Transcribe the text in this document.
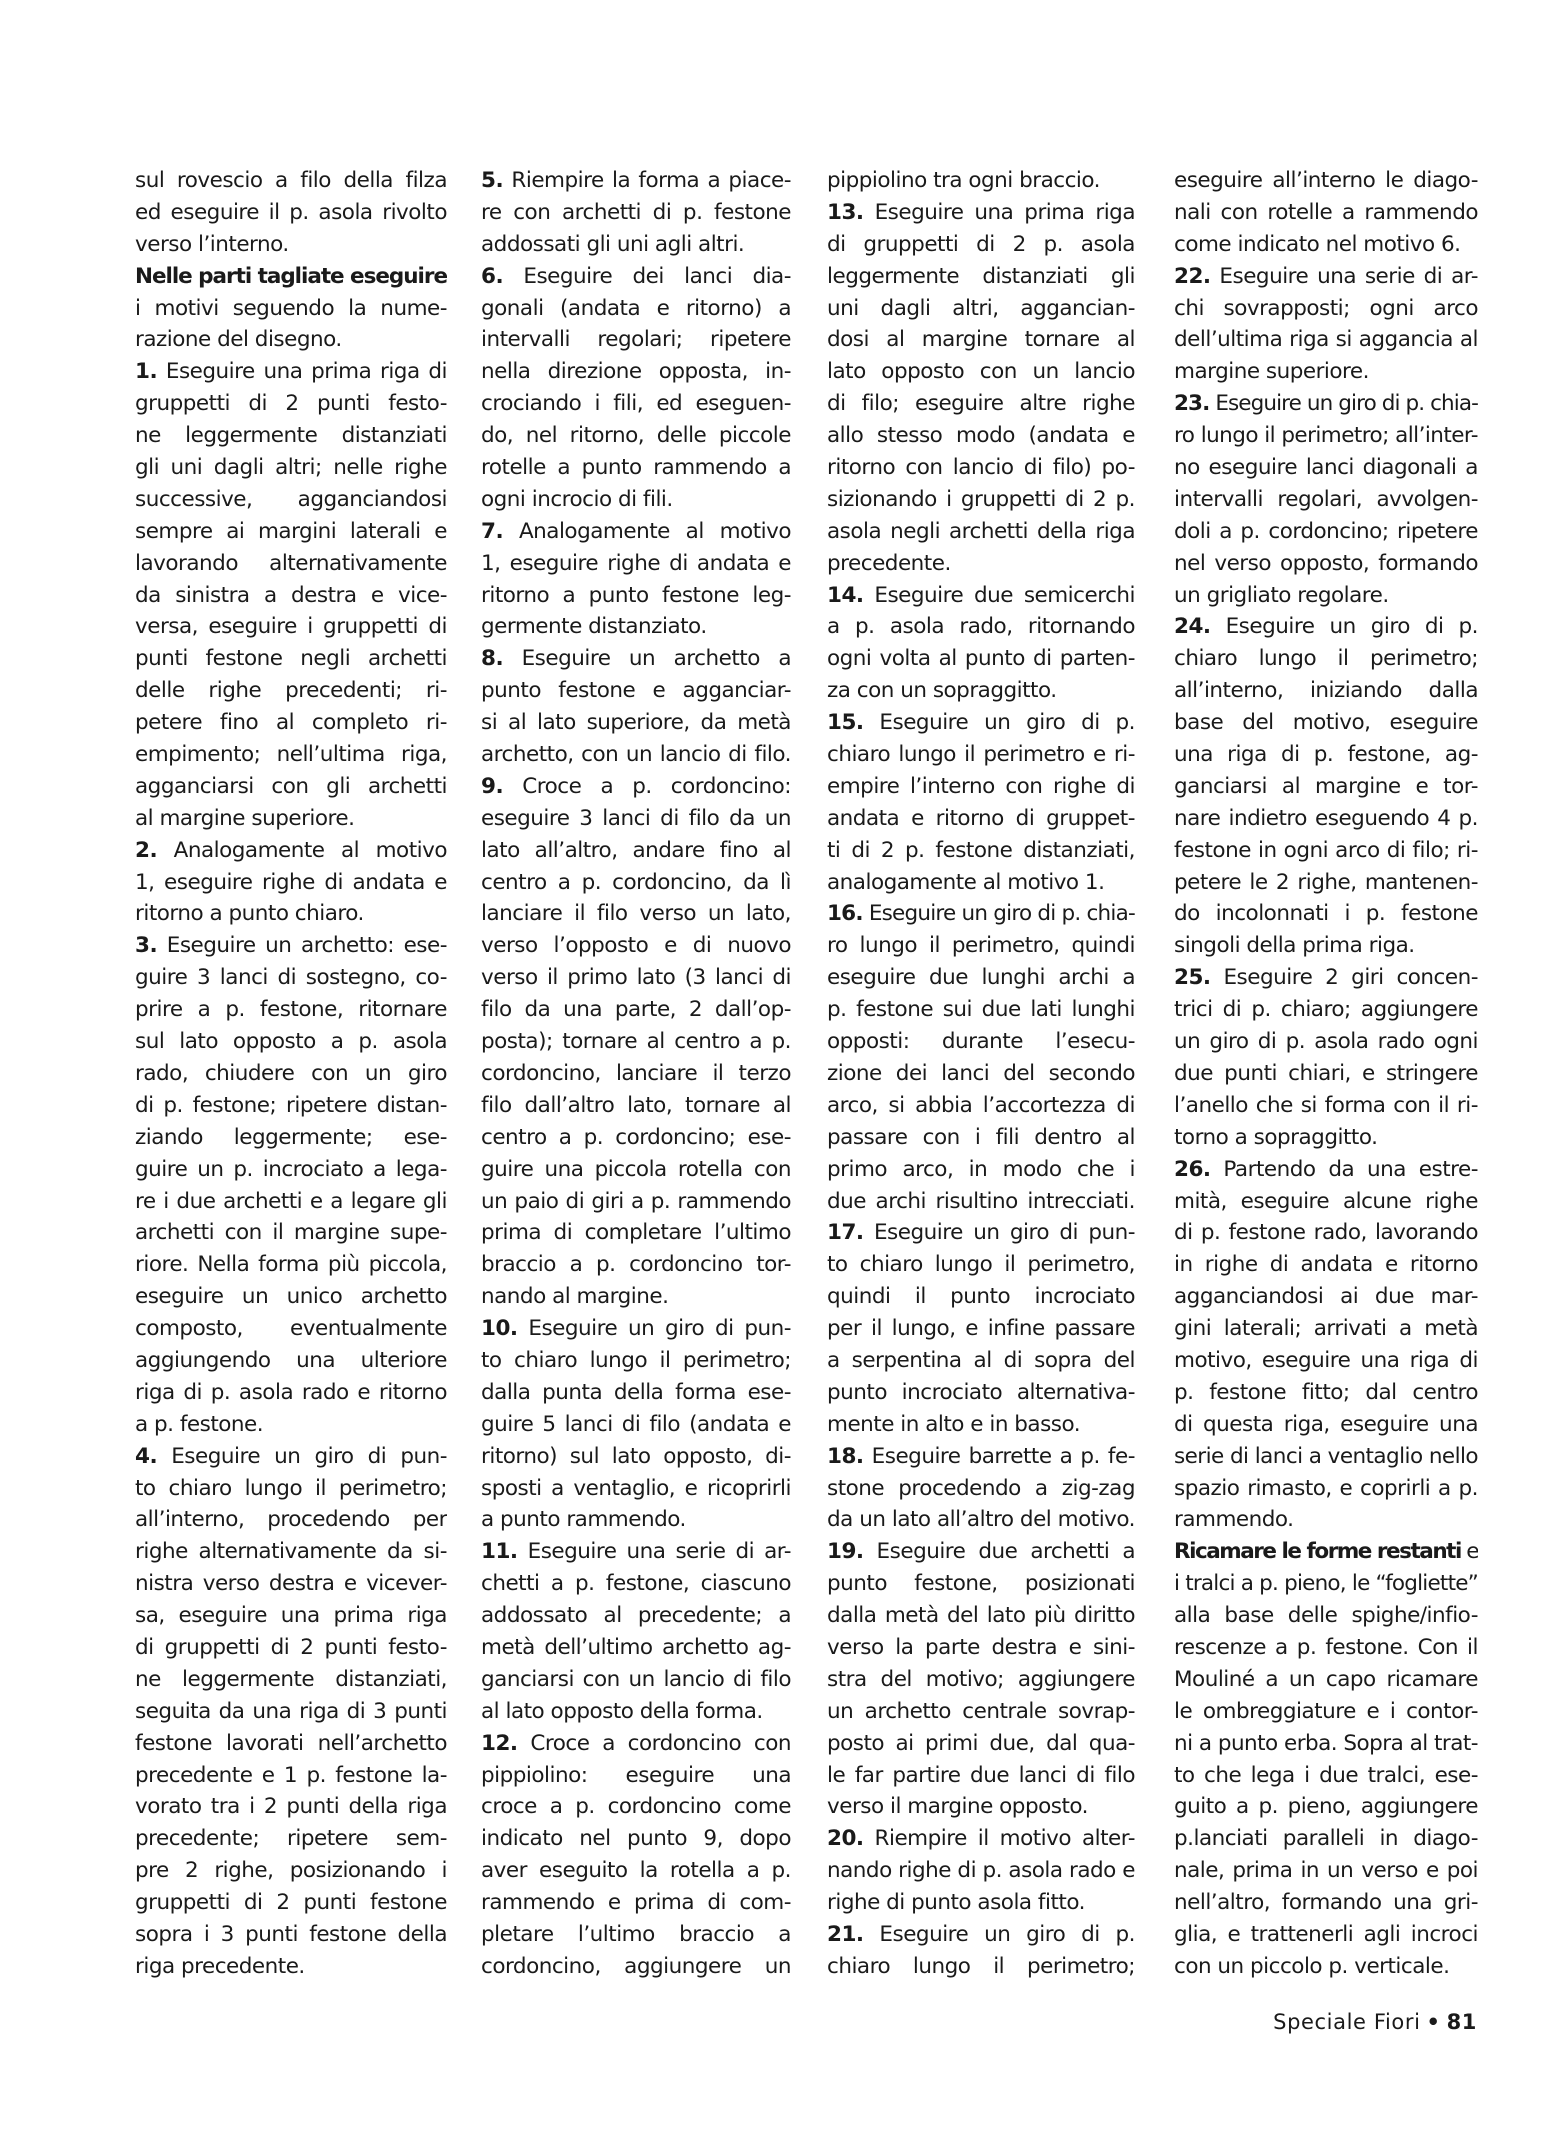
sul rovescio a filo della filza
ed eseguire il p. asola rivolto
verso l’interno.
Nelle parti tagliate eseguire
i motivi seguendo la nume-
razione del disegno.
1. Eseguire una prima riga di
gruppetti di 2 punti festo-
ne leggermente distanziati
gli uni dagli altri; nelle righe
successive, agganciandosi
sempre ai margini laterali e
lavorando alternativamente
da sinistra a destra e vice-
versa, eseguire i gruppetti di
punti festone negli archetti
delle righe precedenti; ri-
petere fino al completo ri-
empimento; nell’ultima riga,
agganciarsi con gli archetti
al margine superiore.
2. Analogamente al motivo
1, eseguire righe di andata e
ritorno a punto chiaro.
3. Eseguire un archetto: ese-
guire 3 lanci di sostegno, co-
prire a p. festone, ritornare
sul lato opposto a p. asola
rado, chiudere con un giro
di p. festone; ripetere distan-
ziando leggermente; ese-
guire un p. incrociato a lega-
re i due archetti e a legare gli
archetti con il margine supe-
riore. Nella forma più piccola,
eseguire un unico archetto
composto, eventualmente
aggiungendo una ulteriore
riga di p. asola rado e ritorno
a p. festone.
4. Eseguire un giro di pun-
to chiaro lungo il perimetro;
all’interno, procedendo per
righe alternativamente da si-
nistra verso destra e vicever-
sa, eseguire una prima riga
di gruppetti di 2 punti festo-
ne leggermente distanziati,
seguita da una riga di 3 punti
festone lavorati nell’archetto
precedente e 1 p. festone la-
vorato tra i 2 punti della riga
precedente; ripetere sem-
pre 2 righe, posizionando i
gruppetti di 2 punti festone
sopra i 3 punti festone della
riga precedente.
5. Riempire la forma a piace-
re con archetti di p. festone
addossati gli uni agli altri.
6. Eseguire dei lanci dia-
gonali (andata e ritorno) a
intervalli regolari; ripetere
nella direzione opposta, in-
crociando i fili, ed eseguen-
do, nel ritorno, delle piccole
rotelle a punto rammendo a
ogni incrocio di fili.
7. Analogamente al motivo
1, eseguire righe di andata e
ritorno a punto festone leg-
germente distanziato.
8. Eseguire un archetto a
punto festone e agganciar-
si al lato superiore, da metà
archetto, con un lancio di filo.
9. Croce a p. cordoncino:
eseguire 3 lanci di filo da un
lato all’altro, andare fino al
centro a p. cordoncino, da lì
lanciare il filo verso un lato,
verso l’opposto e di nuovo
verso il primo lato (3 lanci di
filo da una parte, 2 dall’op-
posta); tornare al centro a p.
cordoncino, lanciare il terzo
filo dall’altro lato, tornare al
centro a p. cordoncino; ese-
guire una piccola rotella con
un paio di giri a p. rammendo
prima di completare l’ultimo
braccio a p. cordoncino tor-
nando al margine.
10. Eseguire un giro di pun-
to chiaro lungo il perimetro;
dalla punta della forma ese-
guire 5 lanci di filo (andata e
ritorno) sul lato opposto, di-
sposti a ventaglio, e ricoprirli
a punto rammendo.
11. Eseguire una serie di ar-
chetti a p. festone, ciascuno
addossato al precedente; a
metà dell’ultimo archetto ag-
ganciarsi con un lancio di filo
al lato opposto della forma.
12. Croce a cordoncino con
pippiolino: eseguire una
croce a p. cordoncino come
indicato nel punto 9, dopo
aver eseguito la rotella a p.
rammendo e prima di com-
pletare l’ultimo braccio a
cordoncino, aggiungere un
pippiolino tra ogni braccio.
13. Eseguire una prima riga
di gruppetti di 2 p. asola
leggermente distanziati gli
uni dagli altri, aggancian-
dosi al margine tornare al
lato opposto con un lancio
di filo; eseguire altre righe
allo stesso modo (andata e
ritorno con lancio di filo) po-
sizionando i gruppetti di 2 p.
asola negli archetti della riga
precedente.
14. Eseguire due semicerchi
a p. asola rado, ritornando
ogni volta al punto di parten-
za con un sopraggitto.
15. Eseguire un giro di p.
chiaro lungo il perimetro e ri-
empire l’interno con righe di
andata e ritorno di gruppet-
ti di 2 p. festone distanziati,
analogamente al motivo 1.
16. Eseguire un giro di p. chia-
ro lungo il perimetro, quindi
eseguire due lunghi archi a
p. festone sui due lati lunghi
opposti: durante l’esecu-
zione dei lanci del secondo
arco, si abbia l’accortezza di
passare con i fili dentro al
primo arco, in modo che i
due archi risultino intrecciati.
17. Eseguire un giro di pun-
to chiaro lungo il perimetro,
quindi il punto incrociato
per il lungo, e infine passare
a serpentina al di sopra del
punto incrociato alternativa-
mente in alto e in basso.
18. Eseguire barrette a p. fe-
stone procedendo a zig-zag
da un lato all’altro del motivo.
19. Eseguire due archetti a
punto festone, posizionati
dalla metà del lato più diritto
verso la parte destra e sini-
stra del motivo; aggiungere
un archetto centrale sovrap-
posto ai primi due, dal qua-
le far partire due lanci di filo
verso il margine opposto.
20. Riempire il motivo alter-
nando righe di p. asola rado e
righe di punto asola fitto.
21. Eseguire un giro di p.
chiaro lungo il perimetro;
eseguire all’interno le diago-
nali con rotelle a rammendo
come indicato nel motivo 6.
22. Eseguire una serie di ar-
chi sovrapposti; ogni arco
dell’ultima riga si aggancia al
margine superiore.
23. Eseguire un giro di p. chia-
ro lungo il perimetro; all’inter-
no eseguire lanci diagonali a
intervalli regolari, avvolgen-
doli a p. cordoncino; ripetere
nel verso opposto, formando
un grigliato regolare.
24. Eseguire un giro di p.
chiaro lungo il perimetro;
all’interno, iniziando dalla
base del motivo, eseguire
una riga di p. festone, ag-
ganciarsi al margine e tor-
nare indietro eseguendo 4 p.
festone in ogni arco di filo; ri-
petere le 2 righe, mantenen-
do incolonnati i p. festone
singoli della prima riga.
25. Eseguire 2 giri concen-
trici di p. chiaro; aggiungere
un giro di p. asola rado ogni
due punti chiari, e stringere
l’anello che si forma con il ri-
torno a sopraggitto.
26. Partendo da una estre-
mità, eseguire alcune righe
di p. festone rado, lavorando
in righe di andata e ritorno
agganciandosi ai due mar-
gini laterali; arrivati a metà
motivo, eseguire una riga di
p. festone fitto; dal centro
di questa riga, eseguire una
serie di lanci a ventaglio nello
spazio rimasto, e coprirli a p.
rammendo.
Ricamare le forme restanti e
i tralci a p. pieno, le “fogliette”
alla base delle spighe/infio-
rescenze a p. festone. Con il
Mouliné a un capo ricamare
le ombreggiature e i contor-
ni a punto erba. Sopra al trat-
to che lega i due tralci, ese-
guito a p. pieno, aggiungere
p.lanciati paralleli in diago-
nale, prima in un verso e poi
nell’altro, formando una gri-
glia, e trattenerli agli incroci
con un piccolo p. verticale.
Speciale Fiori • 81
